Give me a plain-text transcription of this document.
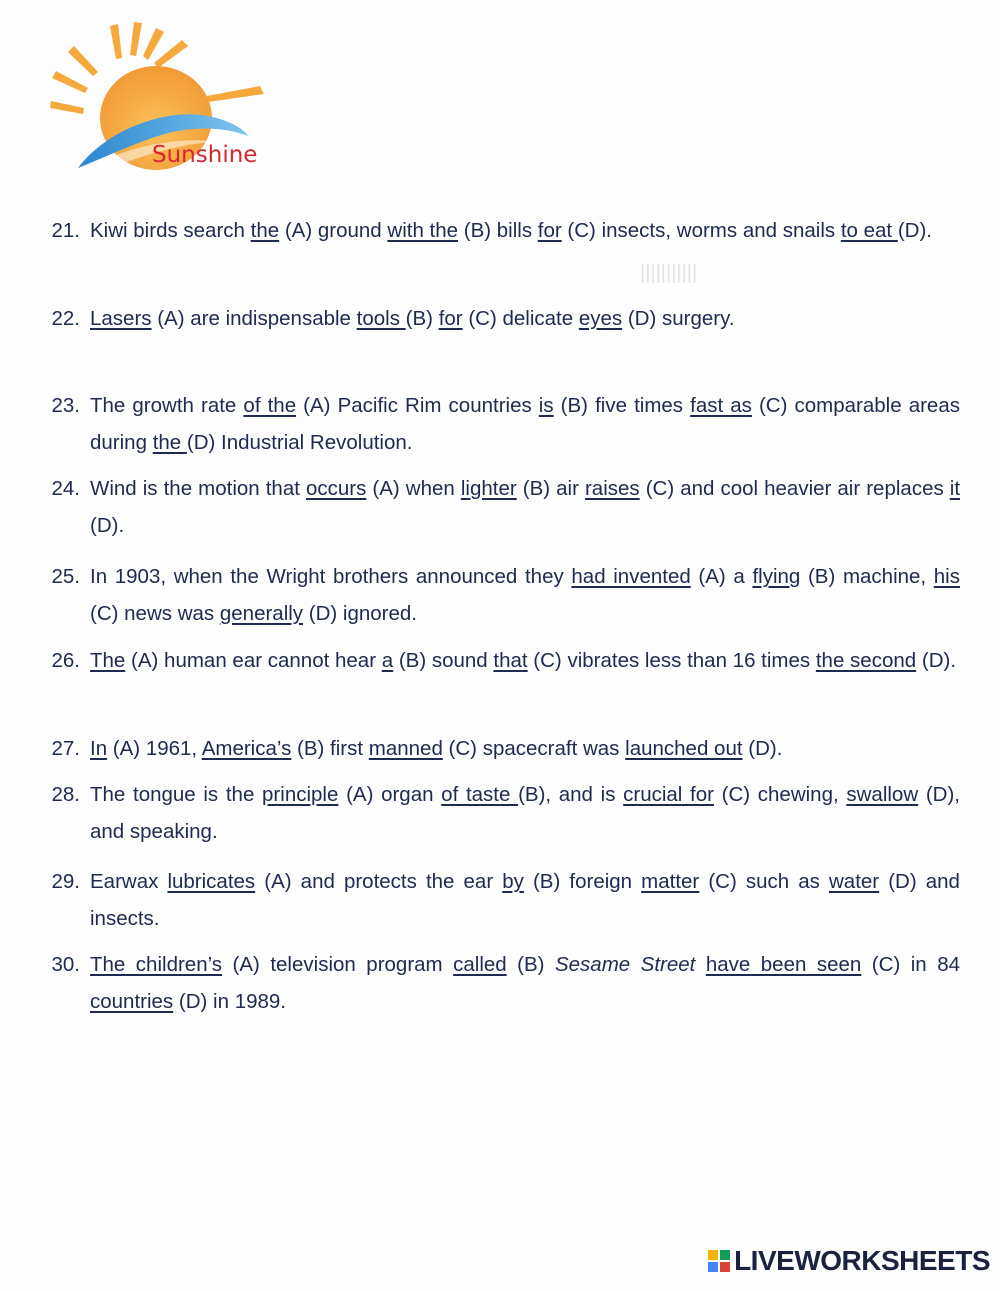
|||||||||||
Sunshine
21. Kiwi birds search the (A) ground with the (B) bills for (C) insects, worms and snails to eat (D).
22. Lasers (A) are indispensable tools (B) for (C) delicate eyes (D) surgery.
23. The growth rate of the (A) Pacific Rim countries is (B) five times fast as (C) comparable areas during the (D) Industrial Revolution.
24. Wind is the motion that occurs (A) when lighter (B) air raises (C) and cool heavier air replaces it (D).
25. In 1903, when the Wright brothers announced they had invented (A) a flying (B) machine, his (C) news was generally (D) ignored.
26. The (A) human ear cannot hear a (B) sound that (C) vibrates less than 16 times the second (D).
27. In (A) 1961, America’s (B) first manned (C) spacecraft was launched out (D).
28. The tongue is the principle (A) organ of taste (B), and is crucial for (C) chewing, swallow (D), and speaking.
29. Earwax lubricates (A) and protects the ear by (B) foreign matter (C) such as water (D) and insects.
30. The children’s (A) television program called (B) Sesame Street have been seen (C) in 84 countries (D) in 1989.
LIVEWORKSHEETS
